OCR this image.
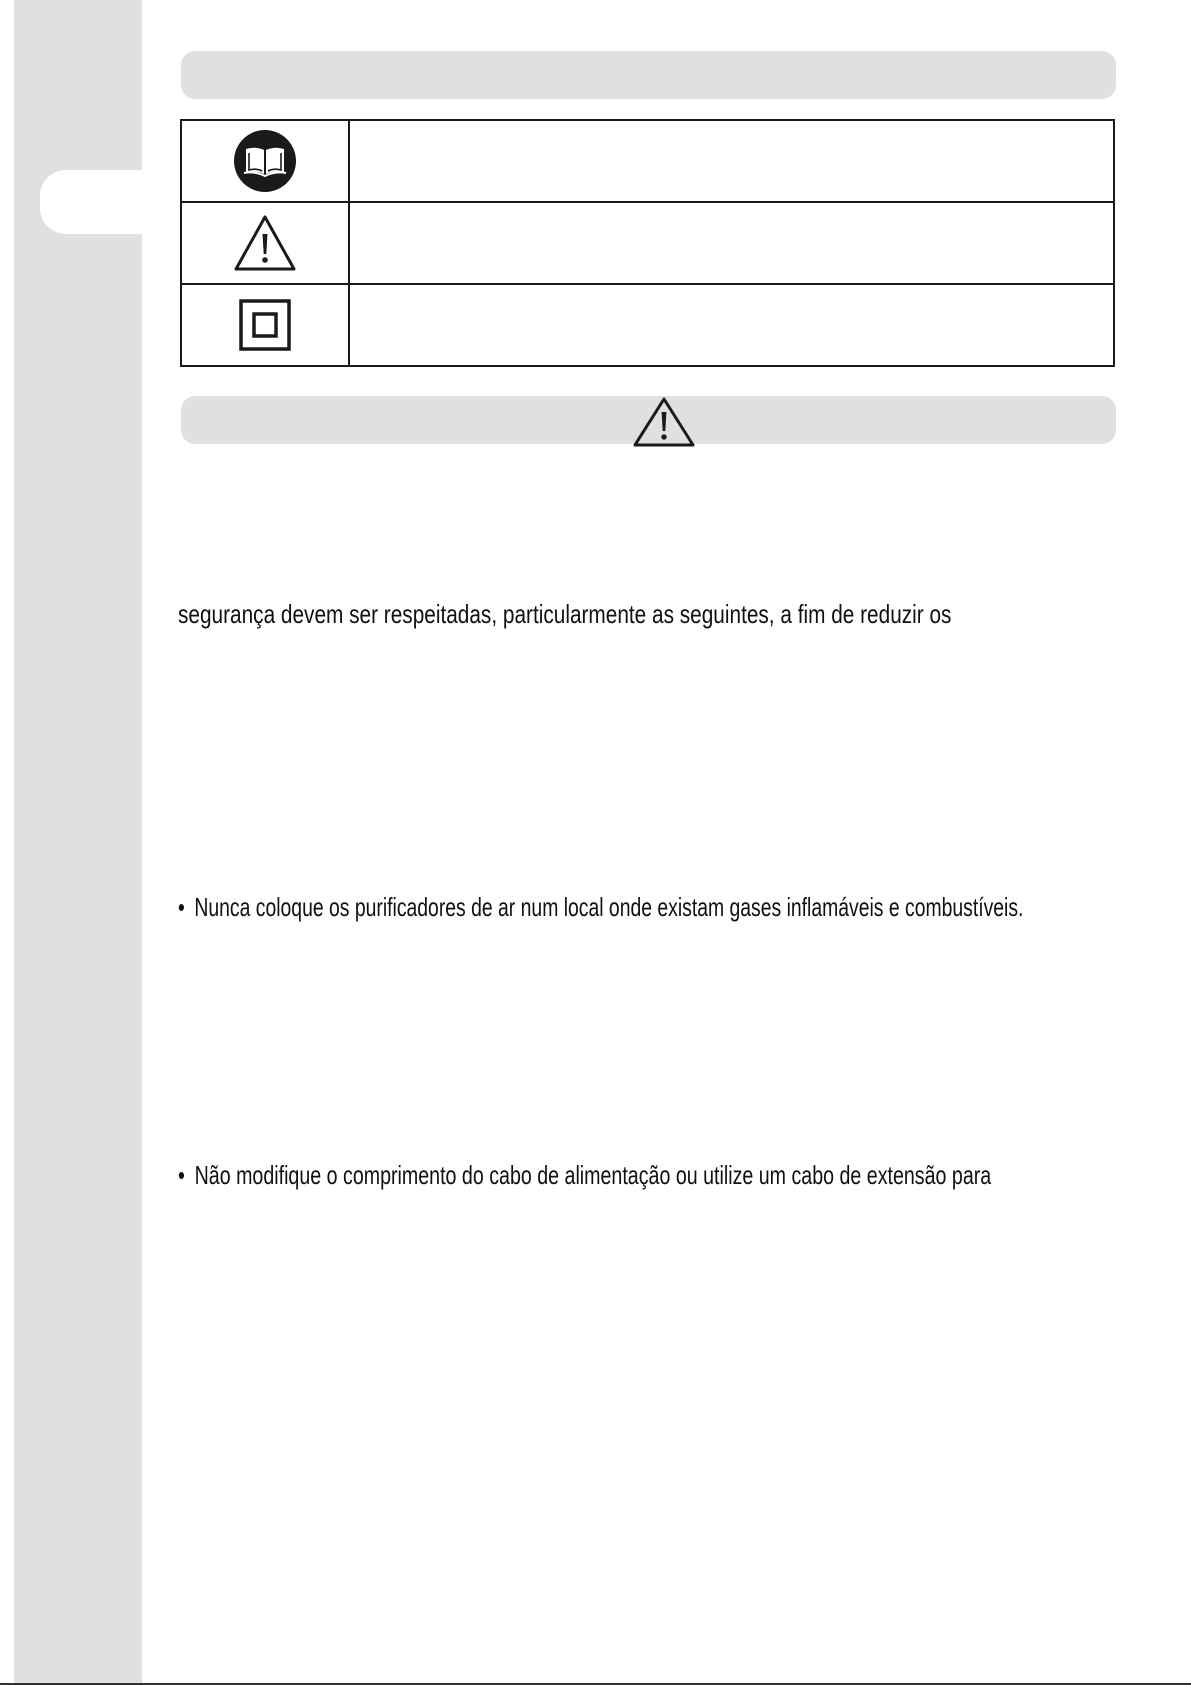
segurança devem ser respeitadas, particularmente as seguintes, a fim de reduzir os
• Nunca coloque os purificadores de ar num local onde existam gases inflamáveis e combustíveis.
• Não modifique o comprimento do cabo de alimentação ou utilize um cabo de extensão para
